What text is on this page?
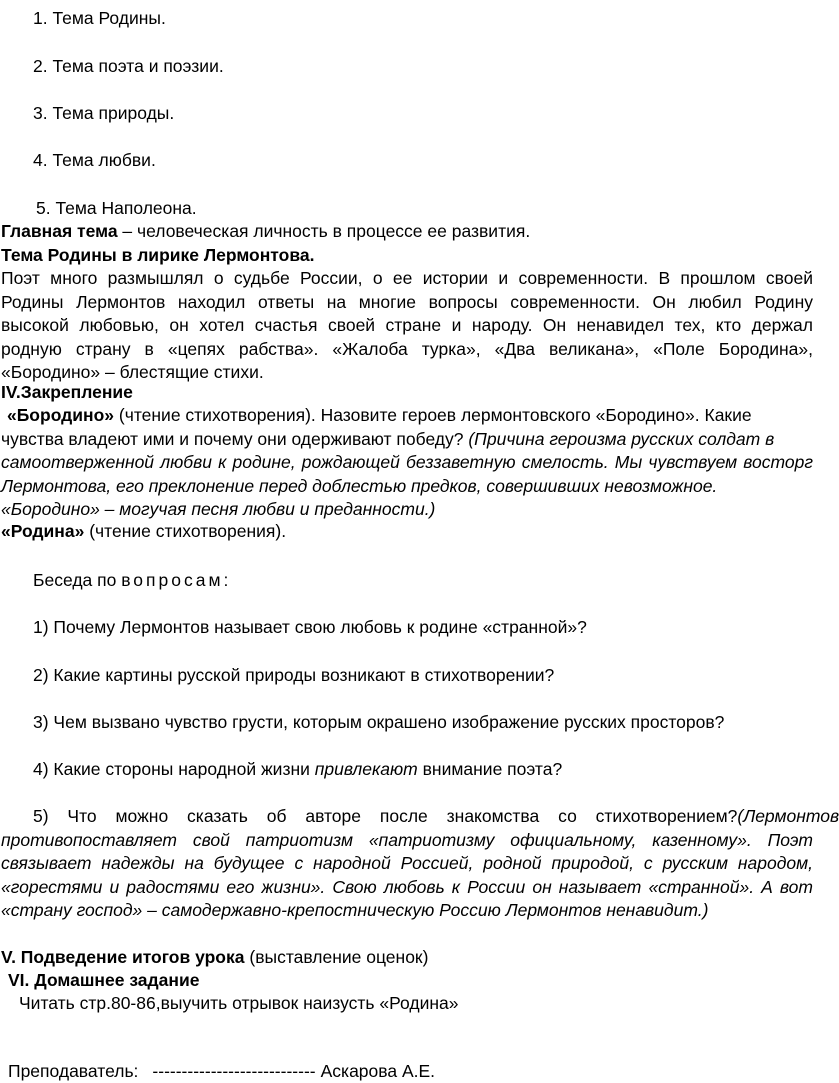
1. Тема Родины.
2. Тема поэта и поэзии.
3. Тема природы.
4. Тема любви.
5. Тема Наполеона.
Главная тема – человеческая личность в процессе ее развития.
Тема Родины в лирике Лермонтова.
Поэт много размышлял о судьбе России, о ее истории и современности. В прошлом своей
Родины Лермонтов находил ответы на многие вопросы современности. Он любил Родину
высокой любовью, он хотел счастья своей стране и народу. Он ненавидел тех, кто держал
родную страну в «цепях рабства». «Жалоба турка», «Два великана», «Поле Бородина»,
«Бородино» – блестящие стихи.
IV.Закрепление
«Бородино» (чтение стихотворения). Назовите героев лермонтовского «Бородино». Какие
чувства владеют ими и почему они одерживают победу? (Причина героизма русских солдат в
самоотверженной любви к родине, рождающей беззаветную смелость. Мы чувствуем восторг
Лермонтова, его преклонение перед доблестью предков, совершивших невозможное.
«Бородино» – могучая песня любви и преданности.)
«Родина» (чтение стихотворения).
Беседа по вопросам:
1) Почему Лермонтов называет свою любовь к родине «странной»?
2) Какие картины русской природы возникают в стихотворении?
3) Чем вызвано чувство грусти, которым окрашено изображение русских просторов?
4) Какие стороны народной жизни привлекают внимание поэта?
5) Что можно сказать об авторе после знакомства со стихотворением? (Лермонтов
противопоставляет свой патриотизм «патриотизму официальному, казенному». Поэт
связывает надежды на будущее с народной Россией, родной природой, с русским народом,
«горестями и радостями его жизни». Свою любовь к России он называет «странной». А вот
«страну господ» – самодержавно-крепостническую Россию Лермонтов ненавидит.)
V. Подведение итогов урока (выставление оценок)
VI. Домашнее задание
Читать стр.80-86,выучить отрывок наизусть «Родина»
Преподаватель: ---------------------------- Аскарова А.Е.
